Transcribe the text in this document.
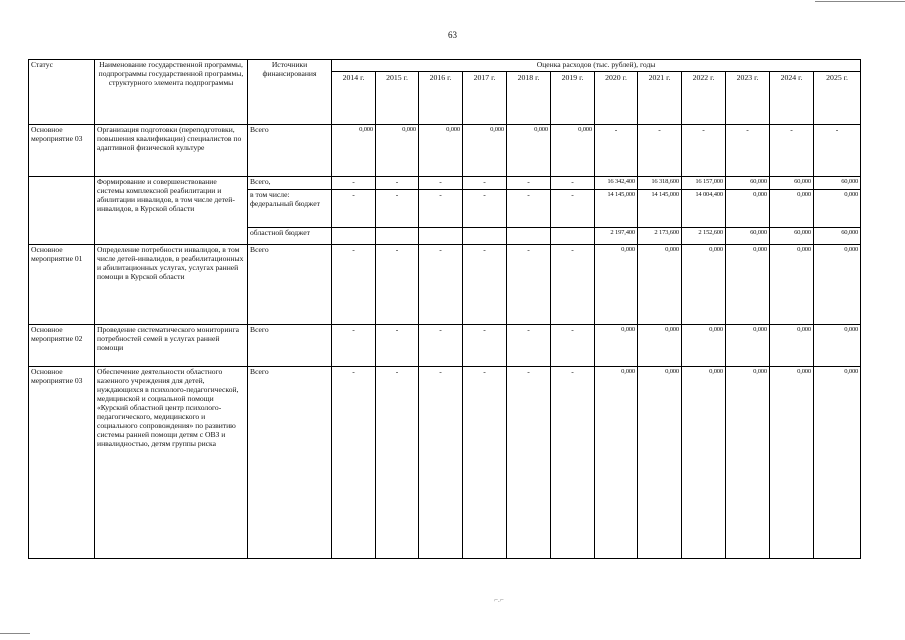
63
Статус	Наименование государственной программы, подпрограммы государственной программы, структурного элемента подпрограммы	Источники финансирования	Оценка расходов (тыс. рублей), годы											
			2014 г.	2015 г.	2016 г.	2017 г.	2018 г.	2019 г.	2020 г.	2021 г.	2022 г.	2023 г.	2024 г.	2025 г.
Основное мероприятие 03	Организация подготовки (переподготовки, повышения квалификации) специалистов по адаптивной физической культуре	Всего	0,000	0,000	0,000	0,000	0,000	0,000	-	-	-	-	-	-
	Формирование и совершенствование системы комплексной реабилитации и абилитации инвалидов, в том числе детей-инвалидов, в Курской области	Всего,	-	-	-	-	-	-	16 342,400	16 318,600	16 157,000	60,000	60,000	60,000
		в том числе: федеральный бюджет	-	-	-	-	-	-	14 145,000	14 145,000	14 004,400	0,000	0,000	0,000
		областной бюджет							2 197,400	2 173,600	2 152,600	60,000	60,000	60,000
Основное мероприятие 01	Определение потребности инвалидов, в том числе детей-инвалидов, в реабилитационных и абилитационных услугах, услугах ранней помощи в Курской области	Всего	-	-	-	-	-	-	0,000	0,000	0,000	0,000	0,000	0,000
Основное мероприятие 02	Проведение систематического мониторинга потребностей семей в услугах ранней помощи	Всего	-	-	-	-	-	-	0,000	0,000	0,000	0,000	0,000	0,000
Основное мероприятие 03	Обеспечение деятельности областного казенного учреждения для детей, нуждающихся в психолого-педагогической, медицинской и социальной помощи «Курский областной центр психолого-педагогического, медицинского и социального сопровождения» по развитию системы ранней помощи детям с ОВЗ и инвалидностью, детям группы риска	Всего	-	-	-	-	-	-	0,000	0,000	0,000	0,000	0,000	0,000
⌐.⌐
